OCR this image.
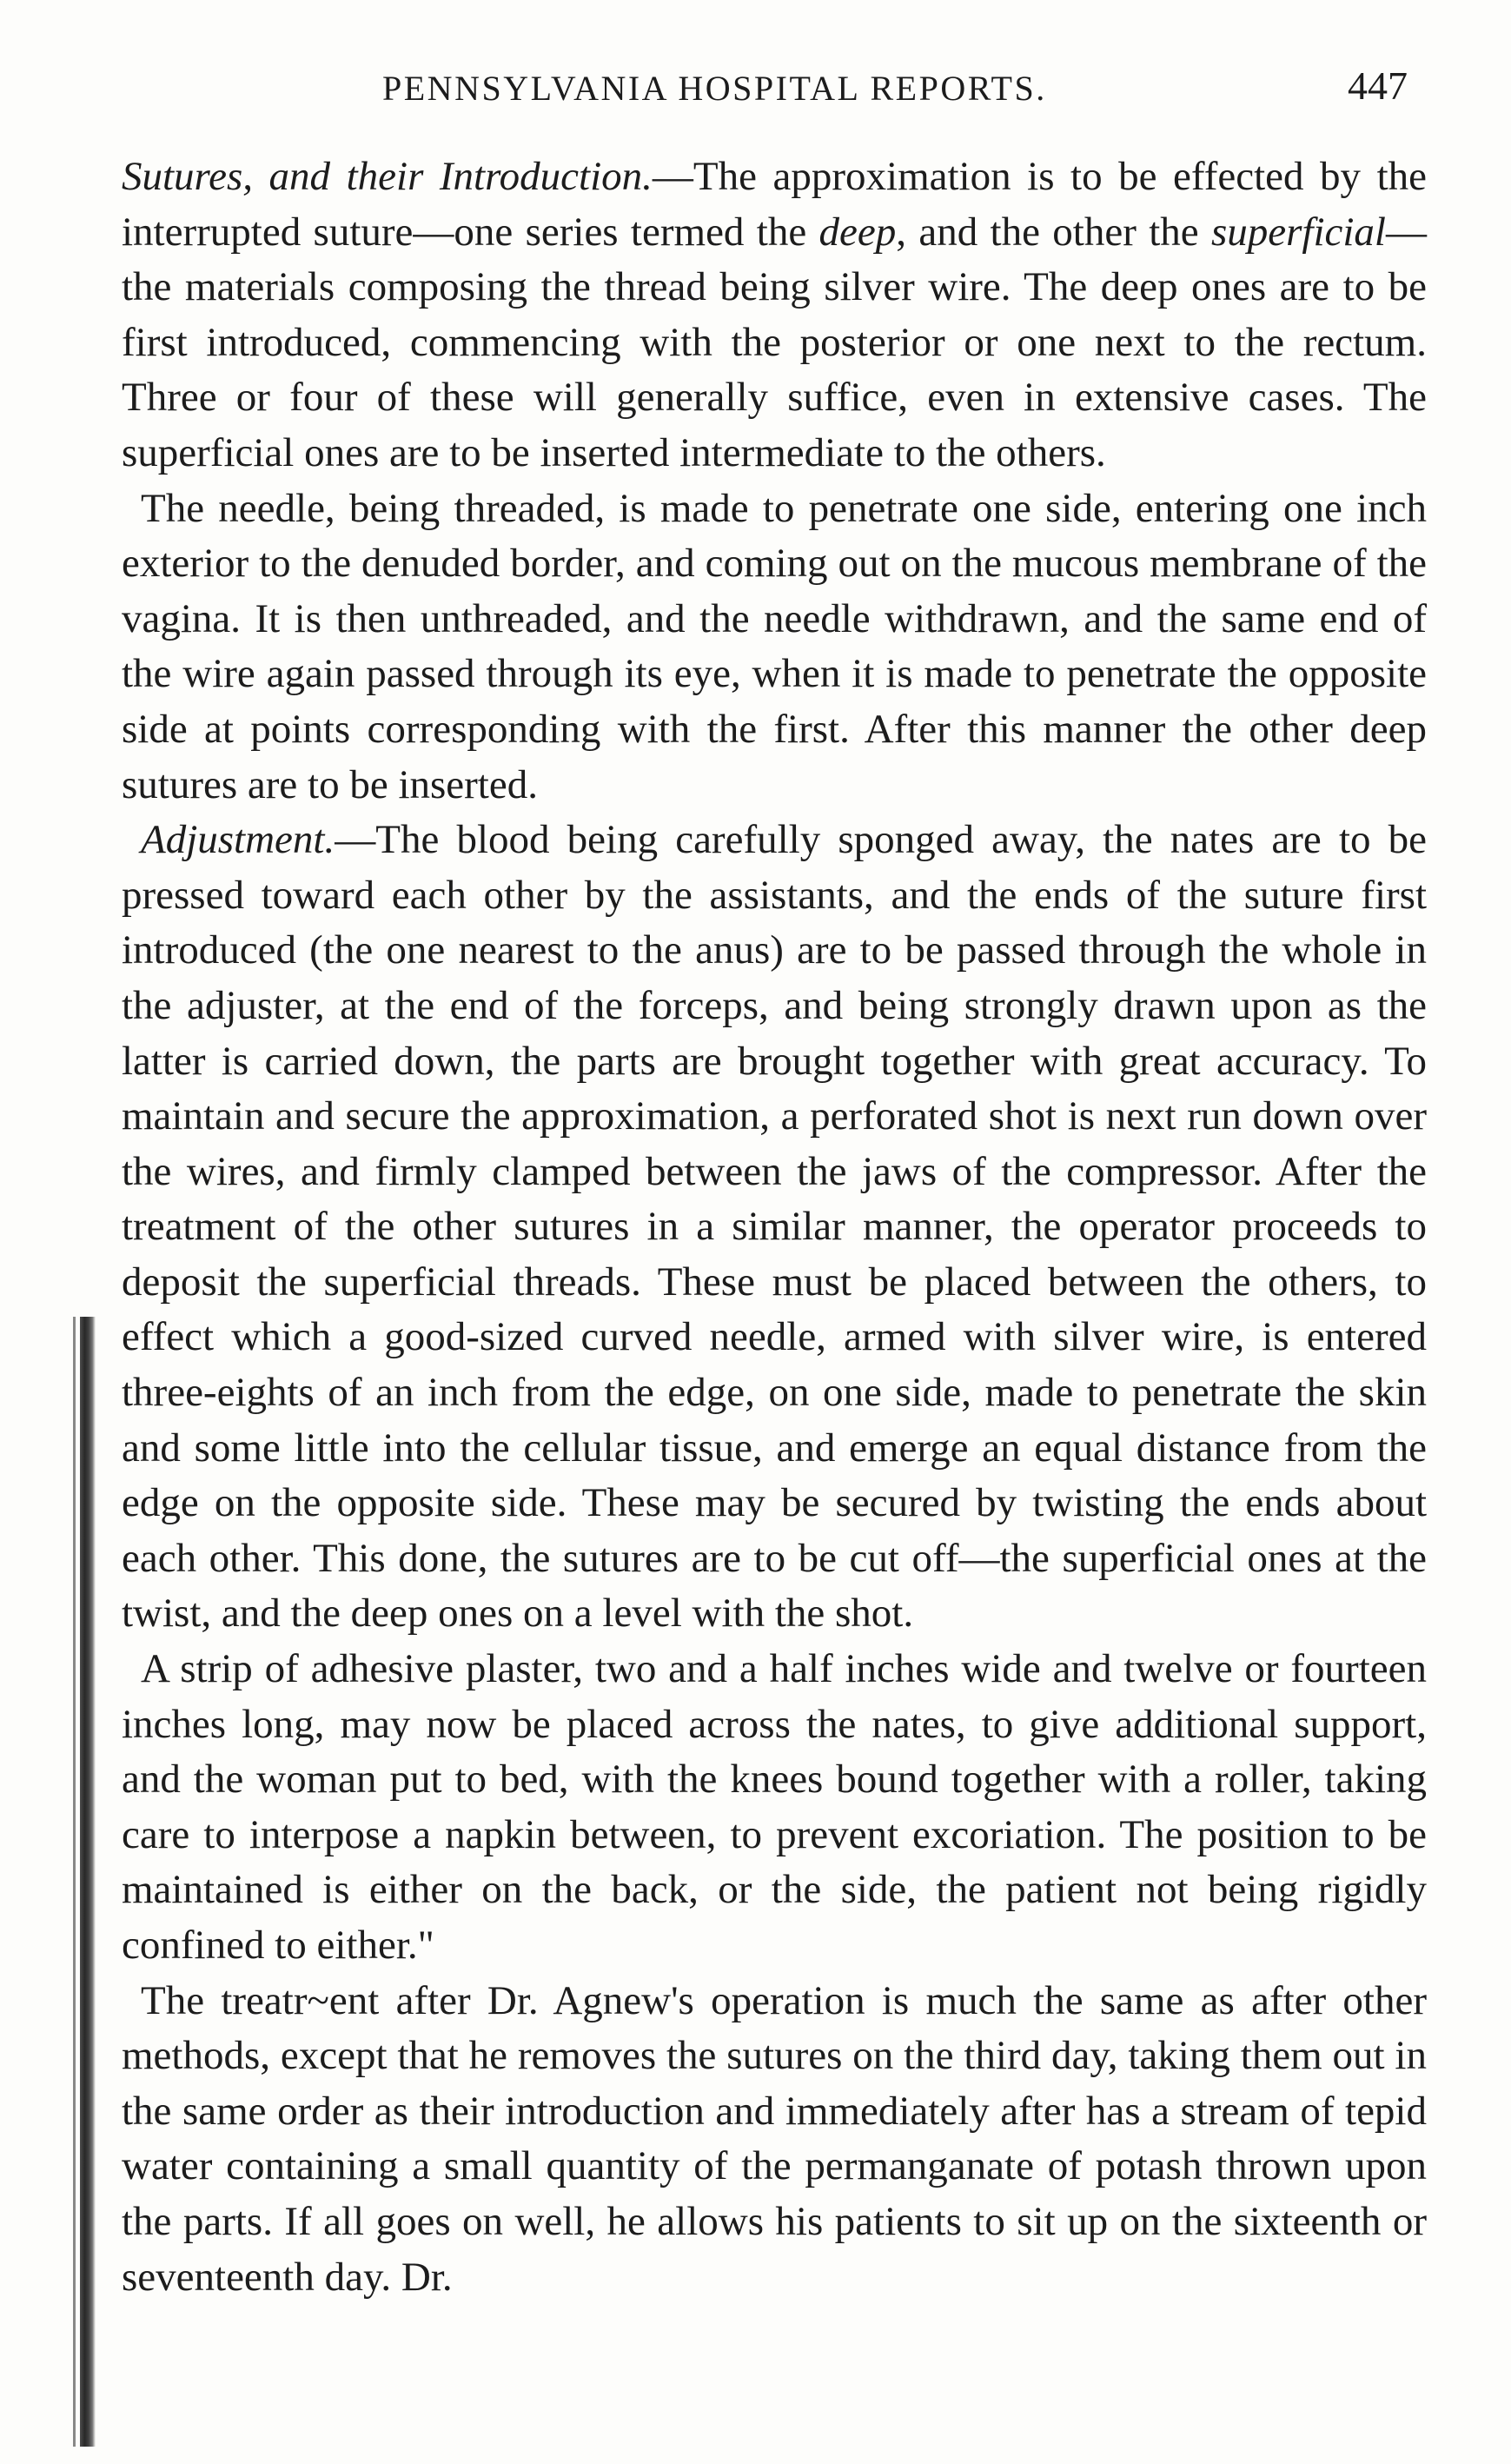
PENNSYLVANIA HOSPITAL REPORTS.	447

Sutures, and their Introduction.—The approximation is to be effected by the interrupted suture—one series termed the deep, and the other the superficial—the materials composing the thread being silver wire. The deep ones are to be first introduced, commencing with the posterior or one next to the rectum. Three or four of these will generally suffice, even in extensive cases. The superficial ones are to be inserted intermediate to the others.

The needle, being threaded, is made to penetrate one side, entering one inch exterior to the denuded border, and coming out on the mucous membrane of the vagina. It is then unthreaded, and the needle withdrawn, and the same end of the wire again passed through its eye, when it is made to penetrate the opposite side at points corresponding with the first. After this manner the other deep sutures are to be inserted.

Adjustment.—The blood being carefully sponged away, the nates are to be pressed toward each other by the assistants, and the ends of the suture first introduced (the one nearest to the anus) are to be passed through the whole in the adjuster, at the end of the forceps, and being strongly drawn upon as the latter is carried down, the parts are brought together with great accuracy. To maintain and secure the approximation, a perforated shot is next run down over the wires, and firmly clamped between the jaws of the compressor. After the treatment of the other sutures in a similar manner, the operator proceeds to deposit the superficial threads. These must be placed between the others, to effect which a good-sized curved needle, armed with silver wire, is entered three-eights of an inch from the edge, on one side, made to penetrate the skin and some little into the cellular tissue, and emerge an equal distance from the edge on the opposite side. These may be secured by twisting the ends about each other. This done, the sutures are to be cut off—the superficial ones at the twist, and the deep ones on a level with the shot.

A strip of adhesive plaster, two and a half inches wide and twelve or fourteen inches long, may now be placed across the nates, to give additional support, and the woman put to bed, with the knees bound together with a roller, taking care to interpose a napkin between, to prevent excoriation. The position to be maintained is either on the back, or the side, the patient not being rigidly confined to either."

The treatr~ent after Dr. Agnew's operation is much the same as after other methods, except that he removes the sutures on the third day, taking them out in the same order as their introduction and immediately after has a stream of tepid water containing a small quantity of the permanganate of potash thrown upon the parts. If all goes on well, he allows his patients to sit up on the sixteenth or seventeenth day. Dr.
